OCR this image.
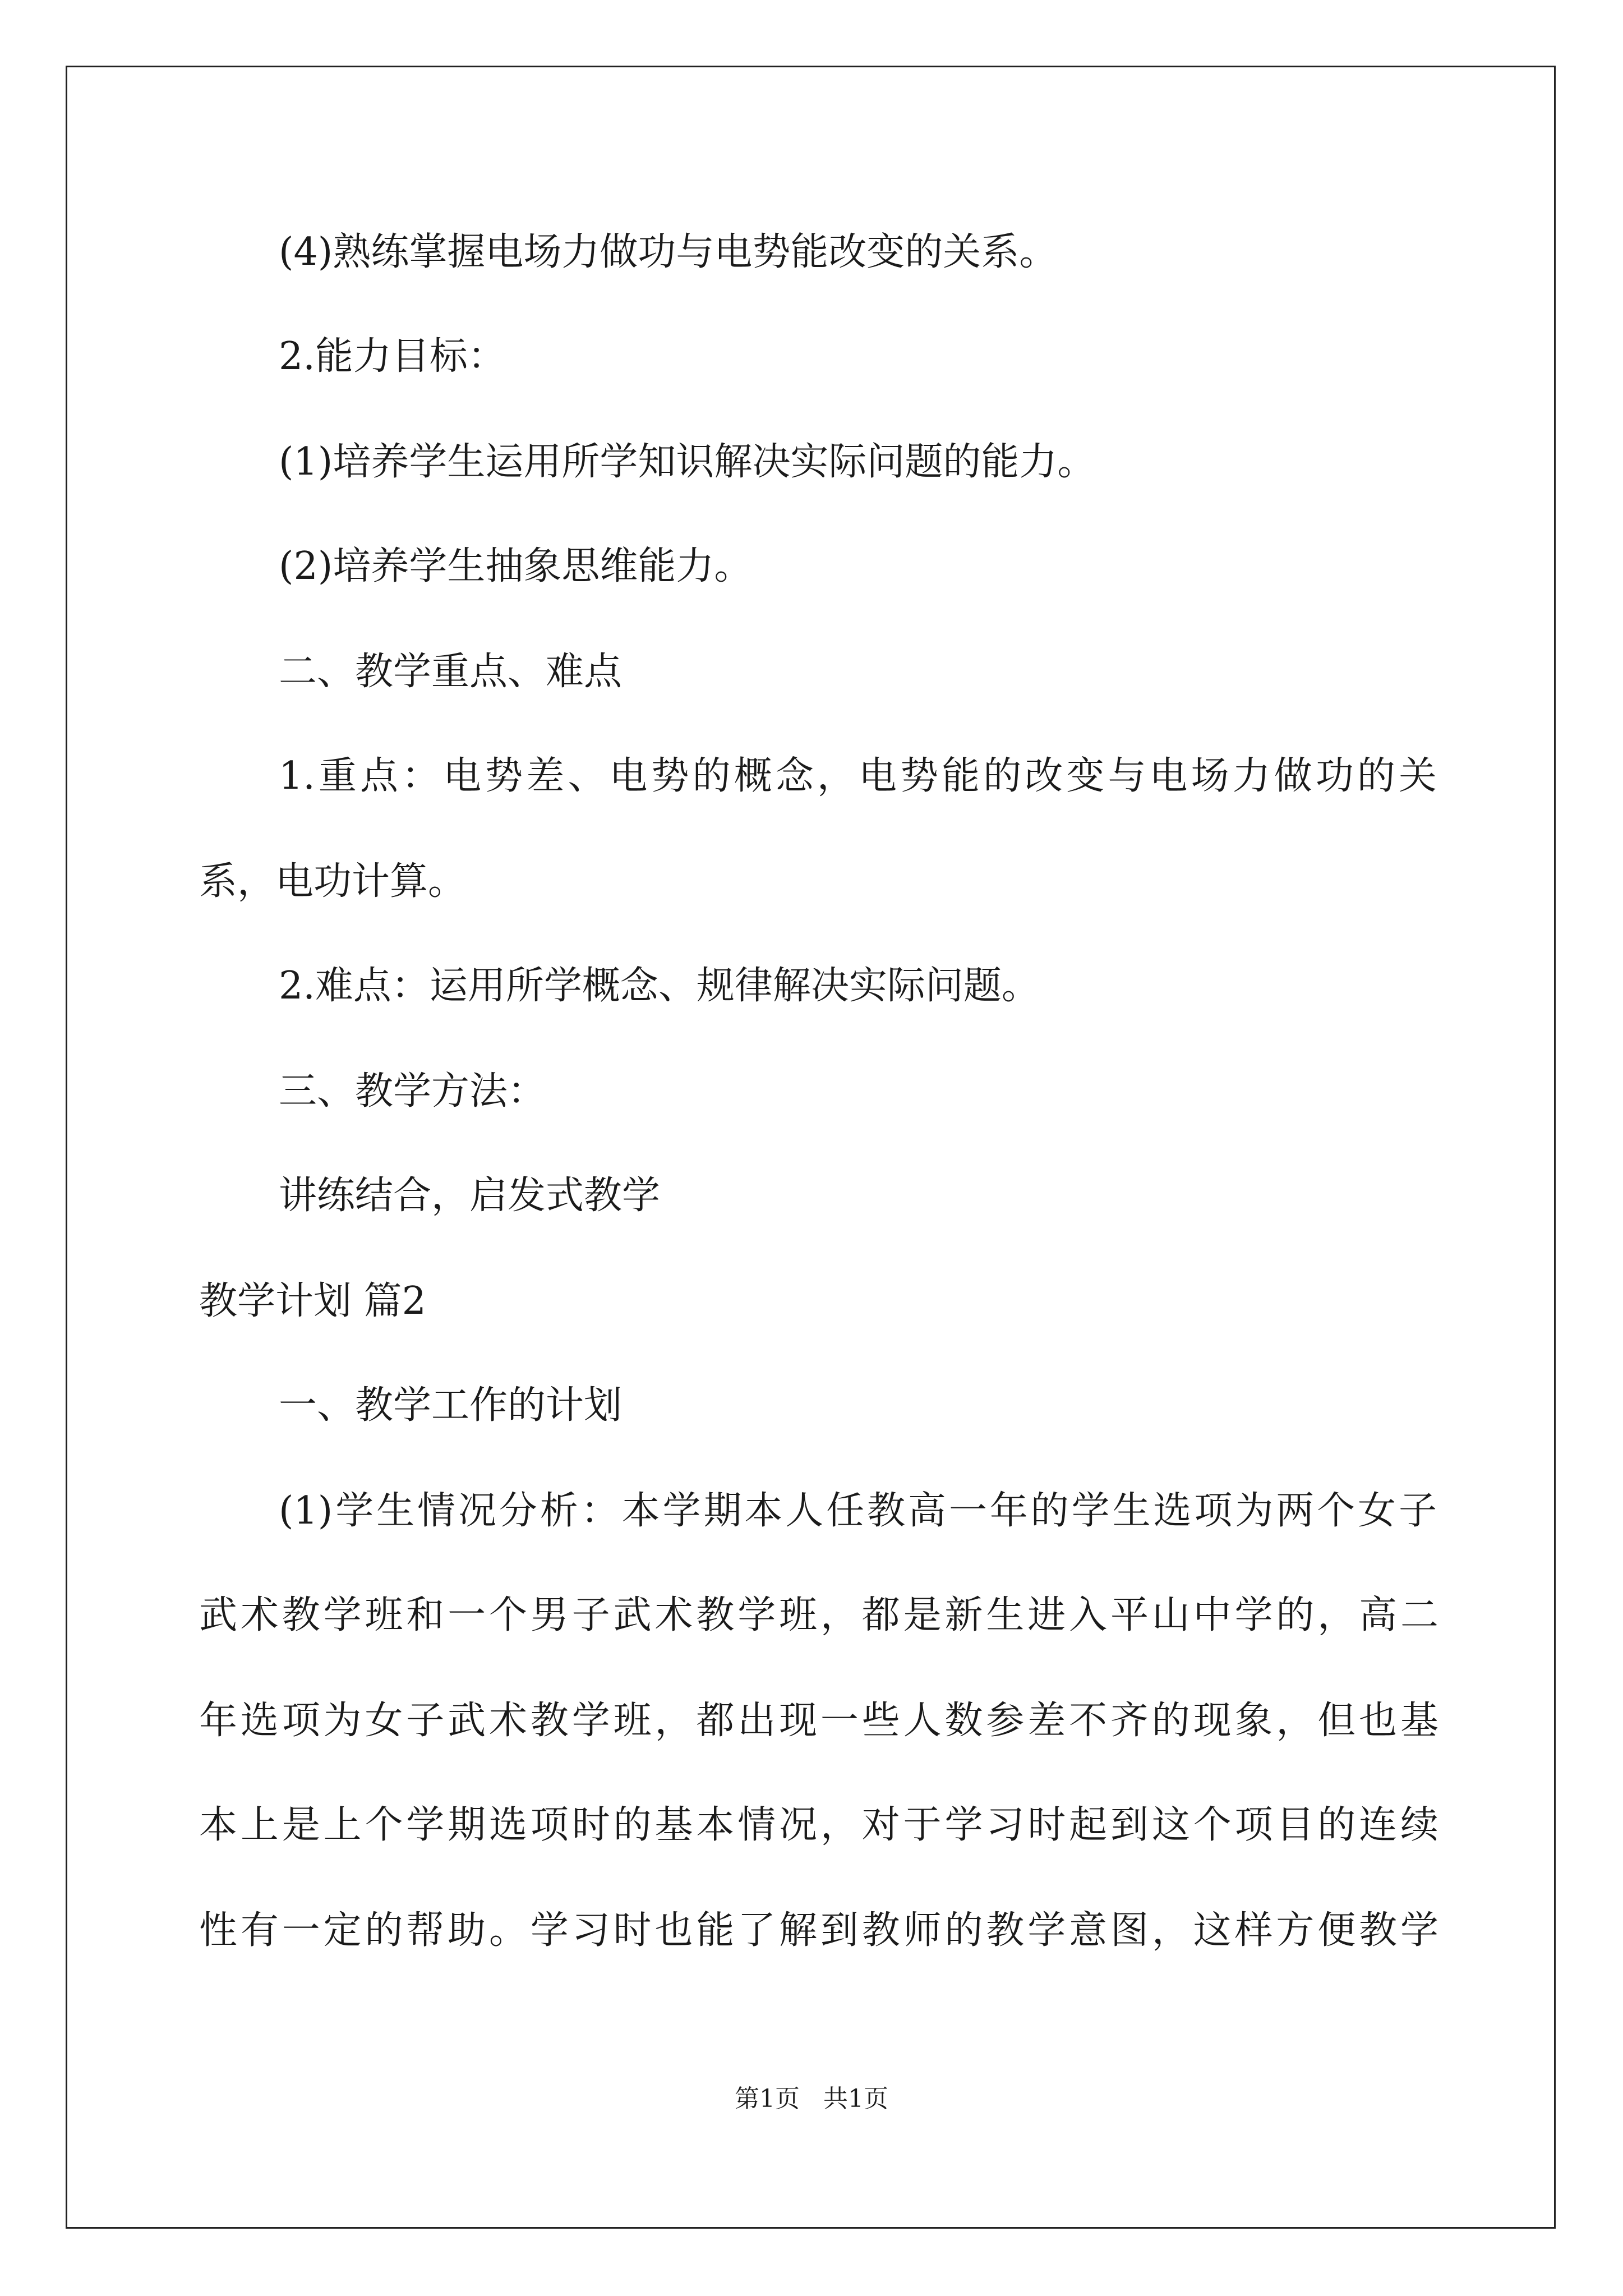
(4)熟练掌握电场力做功与电势能改变的关系。
2.能力目标：
(1)培养学生运用所学知识解决实际问题的能力。
(2)培养学生抽象思维能力。
二、教学重点、难点
1.重点：电势差、电势的概念，电势能的改变与电场力做功的关
系，电功计算。
2.难点：运用所学概念、规律解决实际问题。
三、教学方法：
讲练结合，启发式教学
教学计划 篇2
一、教学工作的计划
(1)学生情况分析：本学期本人任教高一年的学生选项为两个女子
武术教学班和一个男子武术教学班，都是新生进入平山中学的，高二
年选项为女子武术教学班，都出现一些人数参差不齐的现象，但也基
本上是上个学期选项时的基本情况，对于学习时起到这个项目的连续
性有一定的帮助。学习时也能了解到教师的教学意图，这样方便教学
第1页   共1页
